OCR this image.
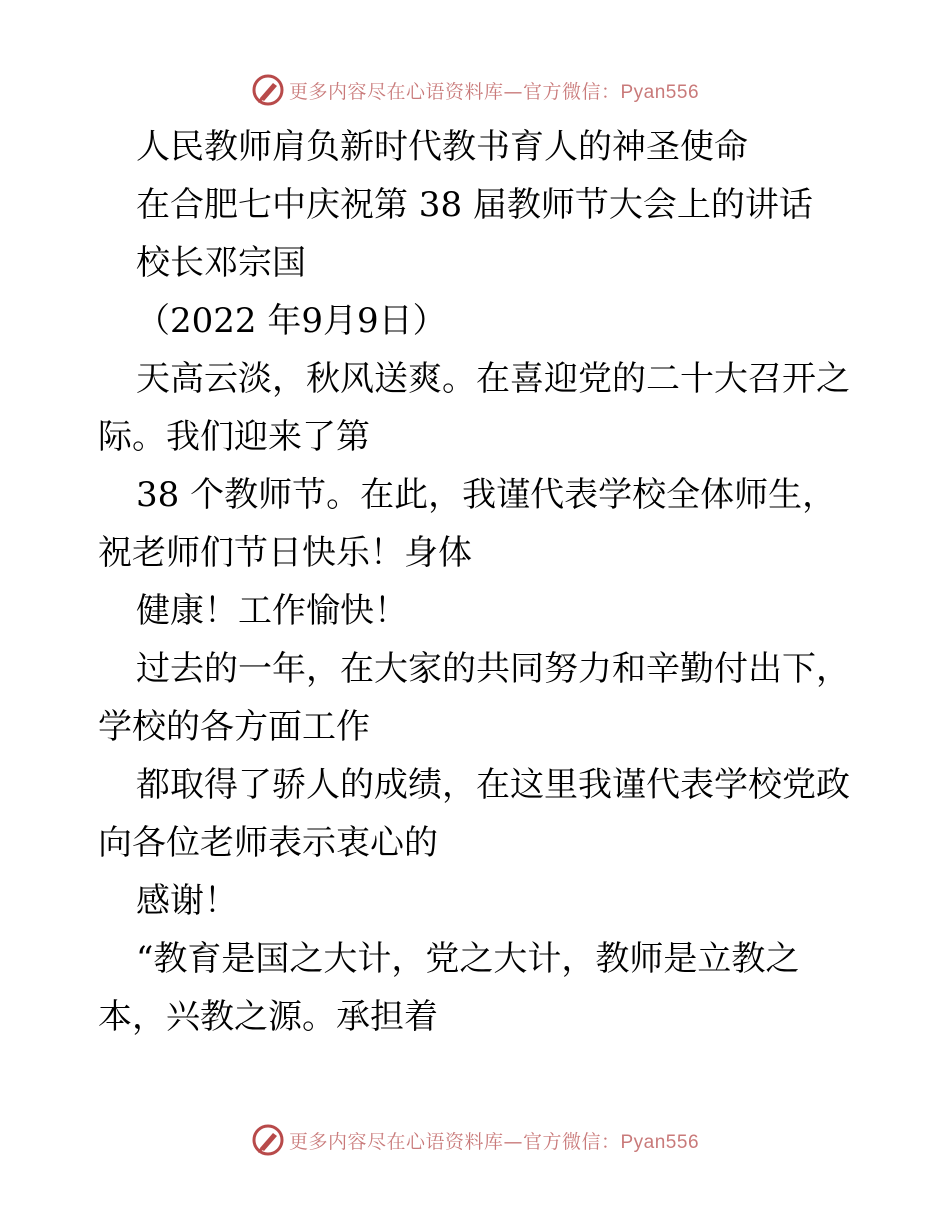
更多内容尽在心语资料库—官方微信：Pyan556

人民教师肩负新时代教书育人的神圣使命

在合肥七中庆祝第 38 届教师节大会上的讲话

校长邓宗国

（2022 年9月9日）

天高云淡，秋风送爽。在喜迎党的二十大召开之

际。我们迎来了第

38 个教师节。在此，我谨代表学校全体师生，

祝老师们节日快乐！身体

健康！工作愉快！

过去的一年，在大家的共同努力和辛勤付出下，

学校的各方面工作

都取得了骄人的成绩，在这里我谨代表学校党政

向各位老师表示衷心的

感谢！

“教育是国之大计，党之大计，教师是立教之

本，兴教之源。承担着

更多内容尽在心语资料库—官方微信：Pyan556
